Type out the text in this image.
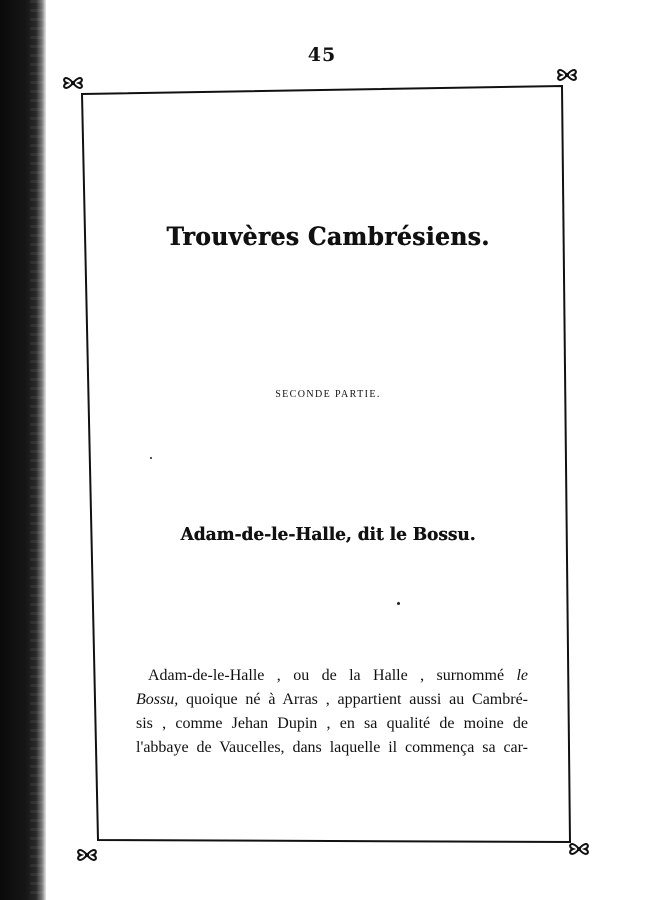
45
Trouvères Cambrésiens.
SECONDE PARTIE.
Adam-de-le-Halle, dit le Bossu.
Adam-de-le-Halle , ou de la Halle , surnommé le
Bossu, quoique né à Arras , appartient aussi au Cambré-
sis , comme Jehan Dupin , en sa qualité de moine de
l'abbaye de Vaucelles, dans laquelle il commença sa car-
